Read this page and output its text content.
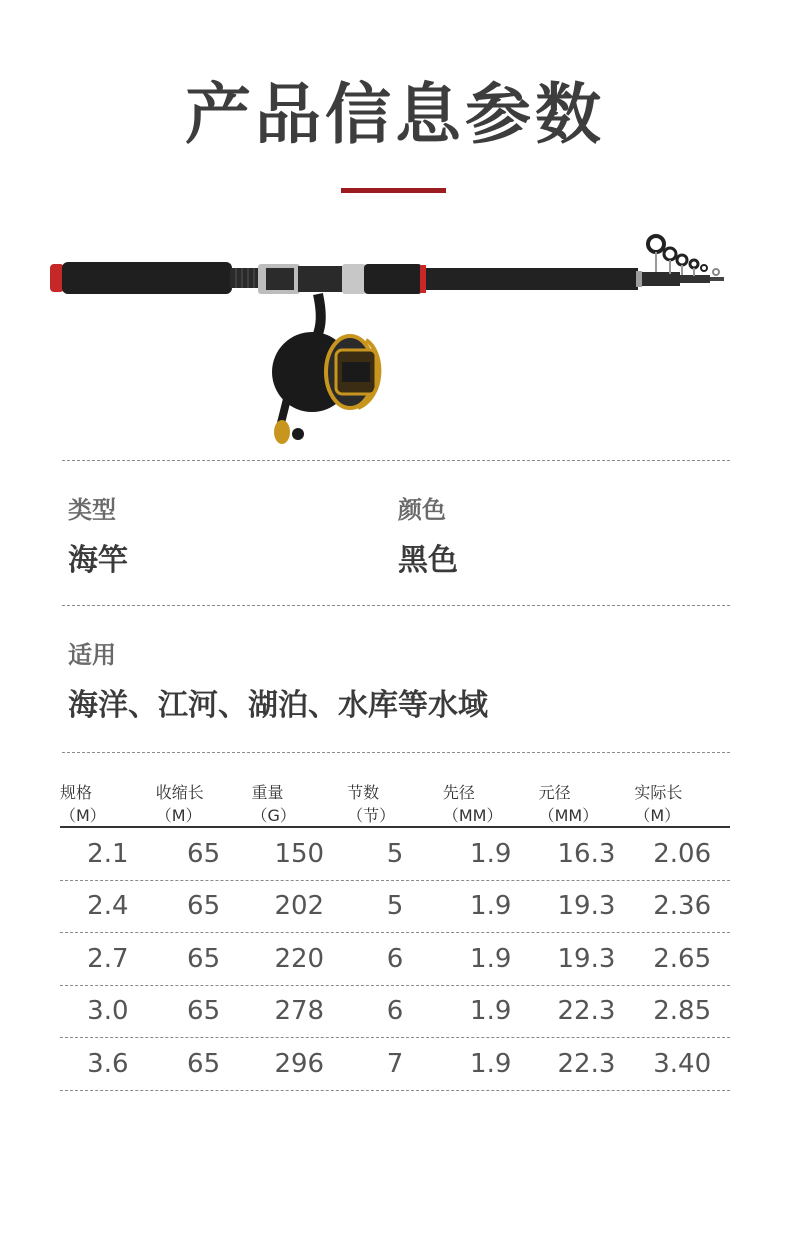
产品信息参数
类型
海竿
颜色
黑色
适用
海洋、江河、湖泊、水库等水域
规格	收缩长	重量	节数	先径	元径	实际长
（M）	（M）	（G）	（节）	（MM）	（MM）	（M）
2.1	65	150	5	1.9	16.3	2.06
2.4	65	202	5	1.9	19.3	2.36
2.7	65	220	6	1.9	19.3	2.65
3.0	65	278	6	1.9	22.3	2.85
3.6	65	296	7	1.9	22.3	3.40
